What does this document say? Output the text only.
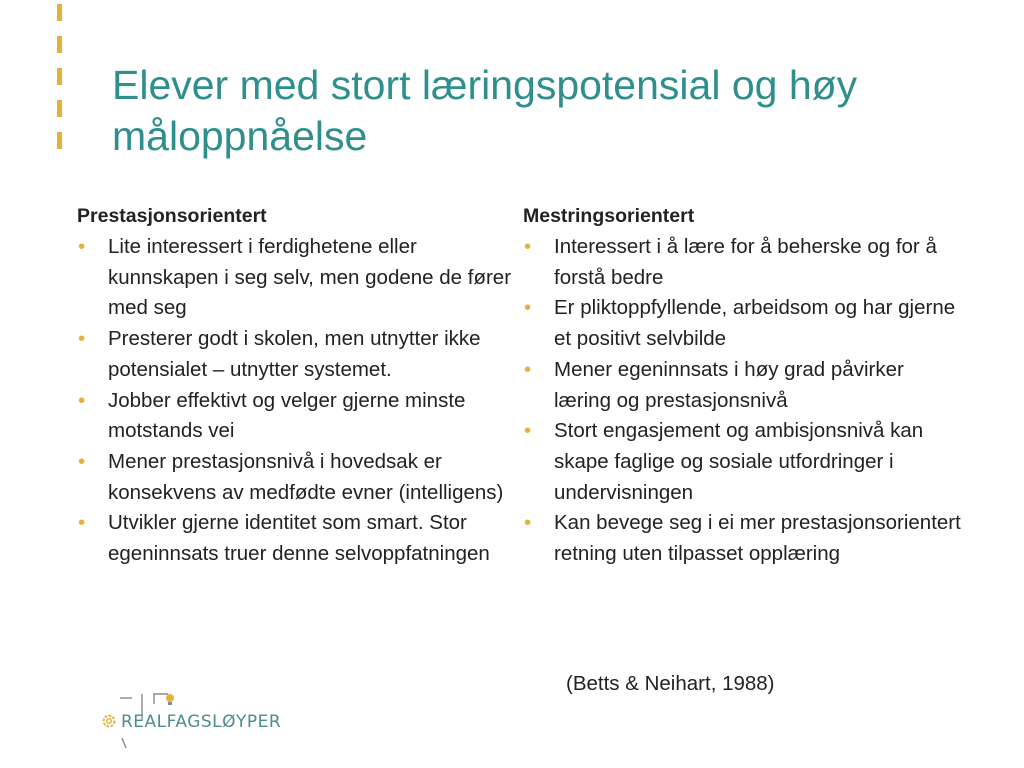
Elever med stort læringspotensial og høy måloppnåelse
Prestasjonsorientert
• Lite interessert i ferdighetene eller kunnskapen i seg selv, men godene de fører med seg
• Presterer godt i skolen, men utnytter ikke potensialet – utnytter systemet.
• Jobber effektivt og velger gjerne minste motstands vei
• Mener prestasjonsnivå i hovedsak er konsekvens av medfødte evner (intelligens)
• Utvikler gjerne identitet som smart. Stor egeninnsats truer denne selvoppfatningen
Mestringsorientert
• Interessert i å lære for å beherske og for å forstå bedre
• Er pliktoppfyllende, arbeidsom og har gjerne et positivt selvbilde
• Mener egeninnsats i høy grad påvirker læring og prestasjonsnivå
• Stort engasjement og ambisjonsnivå kan skape faglige og sosiale utfordringer i undervisningen
• Kan bevege seg i ei mer prestasjonsorientert retning uten tilpasset opplæring
(Betts & Neihart, 1988)
REALFAGSLØYPER
